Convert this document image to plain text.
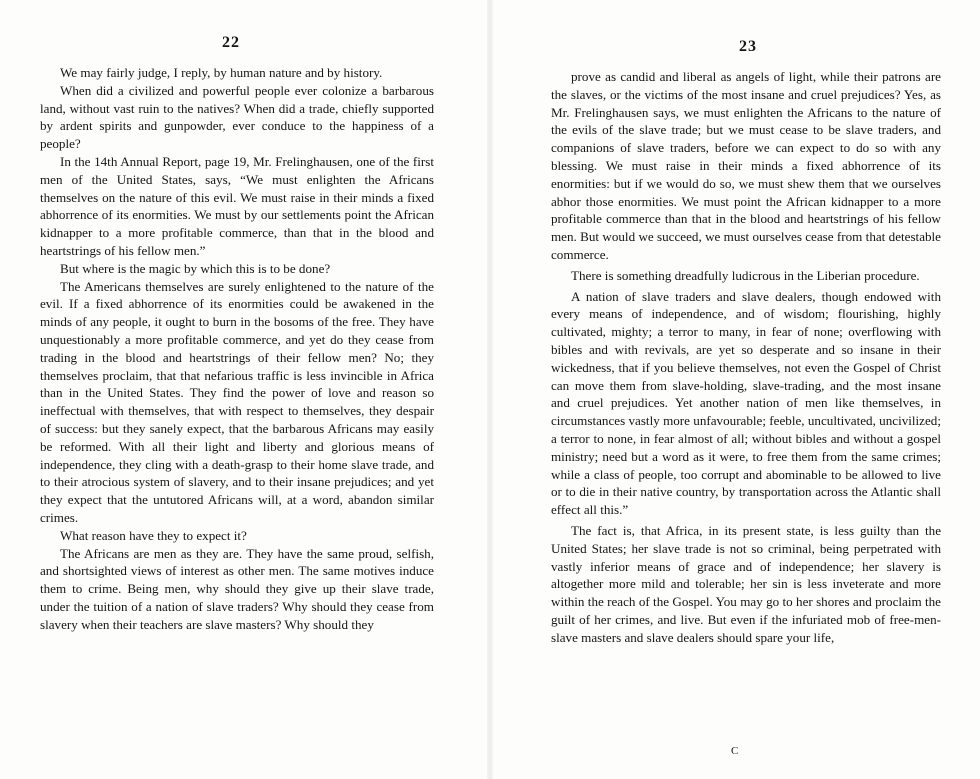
22

We may fairly judge, I reply, by human nature and by history.

When did a civilized and powerful people ever colonize a barbarous land, without vast ruin to the natives? When did a trade, chiefly supported by ardent spirits and gunpowder, ever conduce to the happiness of a people?

In the 14th Annual Report, page 19, Mr. Frelinghausen, one of the first men of the United States, says, “We must enlighten the Africans themselves on the nature of this evil. We must raise in their minds a fixed abhorrence of its enormities. We must by our settlements point the African kidnapper to a more profitable commerce, than that in the blood and heartstrings of his fellow men.”

But where is the magic by which this is to be done?

The Americans themselves are surely enlightened to the nature of the evil. If a fixed abhorrence of its enormities could be awakened in the minds of any people, it ought to burn in the bosoms of the free. They have unquestionably a more profitable commerce, and yet do they cease from trading in the blood and heartstrings of their fellow men? No; they themselves proclaim, that that nefarious traffic is less invincible in Africa than in the United States. They find the power of love and reason so ineffectual with themselves, that with respect to themselves, they despair of success: but they sanely expect, that the barbarous Africans may easily be reformed. With all their light and liberty and glorious means of independence, they cling with a death-grasp to their home slave trade, and to their atrocious system of slavery, and to their insane prejudices; and yet they expect that the untutored Africans will, at a word, abandon similar crimes.

What reason have they to expect it?

The Africans are men as they are. They have the same proud, selfish, and shortsighted views of interest as other men. The same motives induce them to crime. Being men, why should they give up their slave trade, under the tuition of a nation of slave traders? Why should they cease from slavery when their teachers are slave masters? Why should they

23

prove as candid and liberal as angels of light, while their patrons are the slaves, or the victims of the most insane and cruel prejudices? Yes, as Mr. Frelinghausen says, we must enlighten the Africans to the nature of the evils of the slave trade; but we must cease to be slave traders, and companions of slave traders, before we can expect to do so with any blessing. We must raise in their minds a fixed abhorrence of its enormities: but if we would do so, we must shew them that we ourselves abhor those enormities. We must point the African kidnapper to a more profitable commerce than that in the blood and heartstrings of his fellow men. But would we succeed, we must ourselves cease from that detestable commerce.

There is something dreadfully ludicrous in the Liberian procedure.

A nation of slave traders and slave dealers, though endowed with every means of independence, and of wisdom; flourishing, highly cultivated, mighty; a terror to many, in fear of none; overflowing with bibles and with revivals, are yet so desperate and so insane in their wickedness, that if you believe themselves, not even the Gospel of Christ can move them from slave-holding, slave-trading, and the most insane and cruel prejudices. Yet another nation of men like themselves, in circumstances vastly more unfavourable; feeble, uncultivated, uncivilized; a terror to none, in fear almost of all; without bibles and without a gospel ministry; need but a word as it were, to free them from the same crimes; while a class of people, too corrupt and abominable to be allowed to live or to die in their native country, by transportation across the Atlantic shall effect all this.”

The fact is, that Africa, in its present state, is less guilty than the United States; her slave trade is not so criminal, being perpetrated with vastly inferior means of grace and of independence; her slavery is altogether more mild and tolerable; her sin is less inveterate and more within the reach of the Gospel. You may go to her shores and proclaim the guilt of her crimes, and live. But even if the infuriated mob of free-men-slave masters and slave dealers should spare your life,

C
